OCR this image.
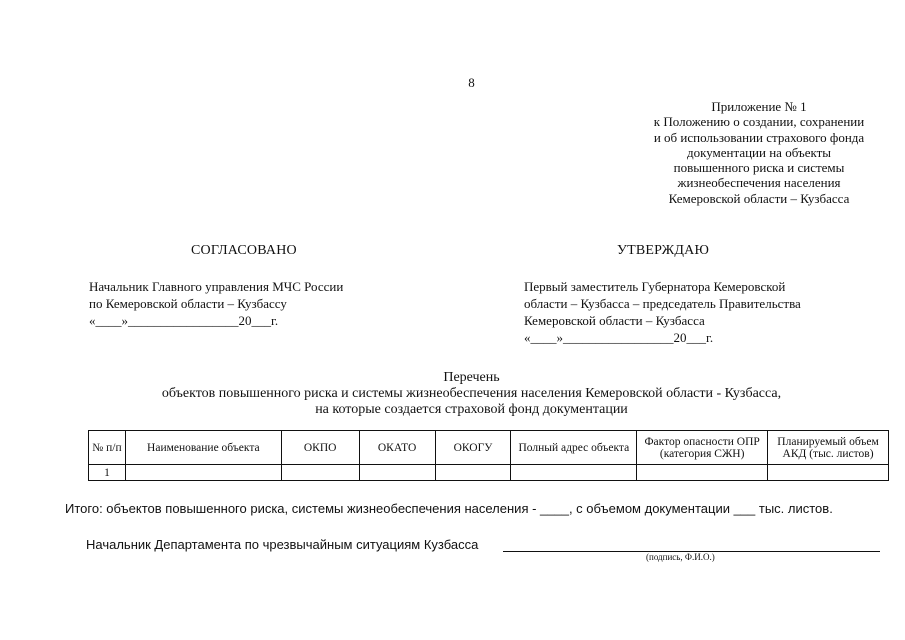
8
Приложение № 1
к Положению о создании, сохранении
и об использовании страхового фонда
документации на объекты
повышенного риска и системы
жизнеобеспечения населения
Кемеровской области – Кузбасса
СОГЛАСОВАНО	УТВЕРЖДАЮ
Начальник Главного управления МЧС России
по Кемеровской области – Кузбассу
«____»_________________20___г.
Первый заместитель Губернатора Кемеровской
области – Кузбасса – председатель Правительства
Кемеровской области – Кузбасса
«____»_________________20___г.
Перечень
объектов повышенного риска и системы жизнеобеспечения населения Кемеровской области - Кузбасса,
на которые создается страховой фонд документации
№ п/п	Наименование объекта	ОКПО	ОКАТО	ОКОГУ	Полный адрес объекта	Фактор опасности ОПР (категория СЖН)	Планируемый объем АКД (тыс. листов)
1							
Итого: объектов повышенного риска, системы жизнеобеспечения населения - ____, с объемом документации ___ тыс. листов.
Начальник Департамента по чрезвычайным ситуациям Кузбасса
(подпись, Ф.И.О.)
